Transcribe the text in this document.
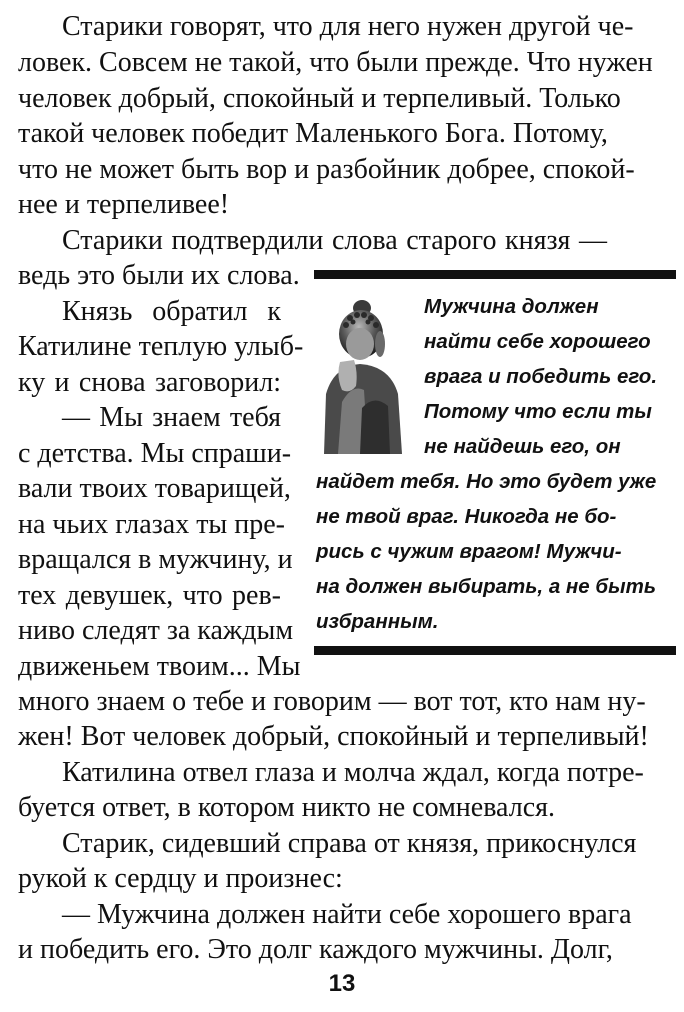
Старики говорят, что для него нужен другой че-
ловек. Совсем не такой, что были прежде. Что нужен
человек добрый, спокойный и терпеливый. Только
такой человек победит Маленького Бога. Потому,
что не может быть вор и разбойник добрее, спокой-
нее и терпеливее!
Старики подтвердили слова старого князя —
ведь это были их слова.
Князь обратил к
Катилине теплую улыб-
ку и снова заговорил:
— Мы знаем тебя
с детства. Мы спраши-
вали твоих товарищей,
на чьих глазах ты пре-
вращался в мужчину, и
тех девушек, что рев-
ниво следят за каждым
движеньем твоим... Мы
Мужчина должен
найти себе хорошего
врага и победить его.
Потому что если ты
не найдешь его, он
найдет тебя. Но это будет уже
не твой враг. Никогда не бо-
рись с чужим врагом! Мужчи-
на должен выбирать, а не быть
избранным.
много знаем о тебе и говорим — вот тот, кто нам ну-
жен! Вот человек добрый, спокойный и терпеливый!
Катилина отвел глаза и молча ждал, когда потре-
буется ответ, в котором никто не сомневался.
Старик, сидевший справа от князя, прикоснулся
рукой к сердцу и произнес:
— Мужчина должен найти себе хорошего врага
и победить его. Это долг каждого мужчины. Долг,
13
